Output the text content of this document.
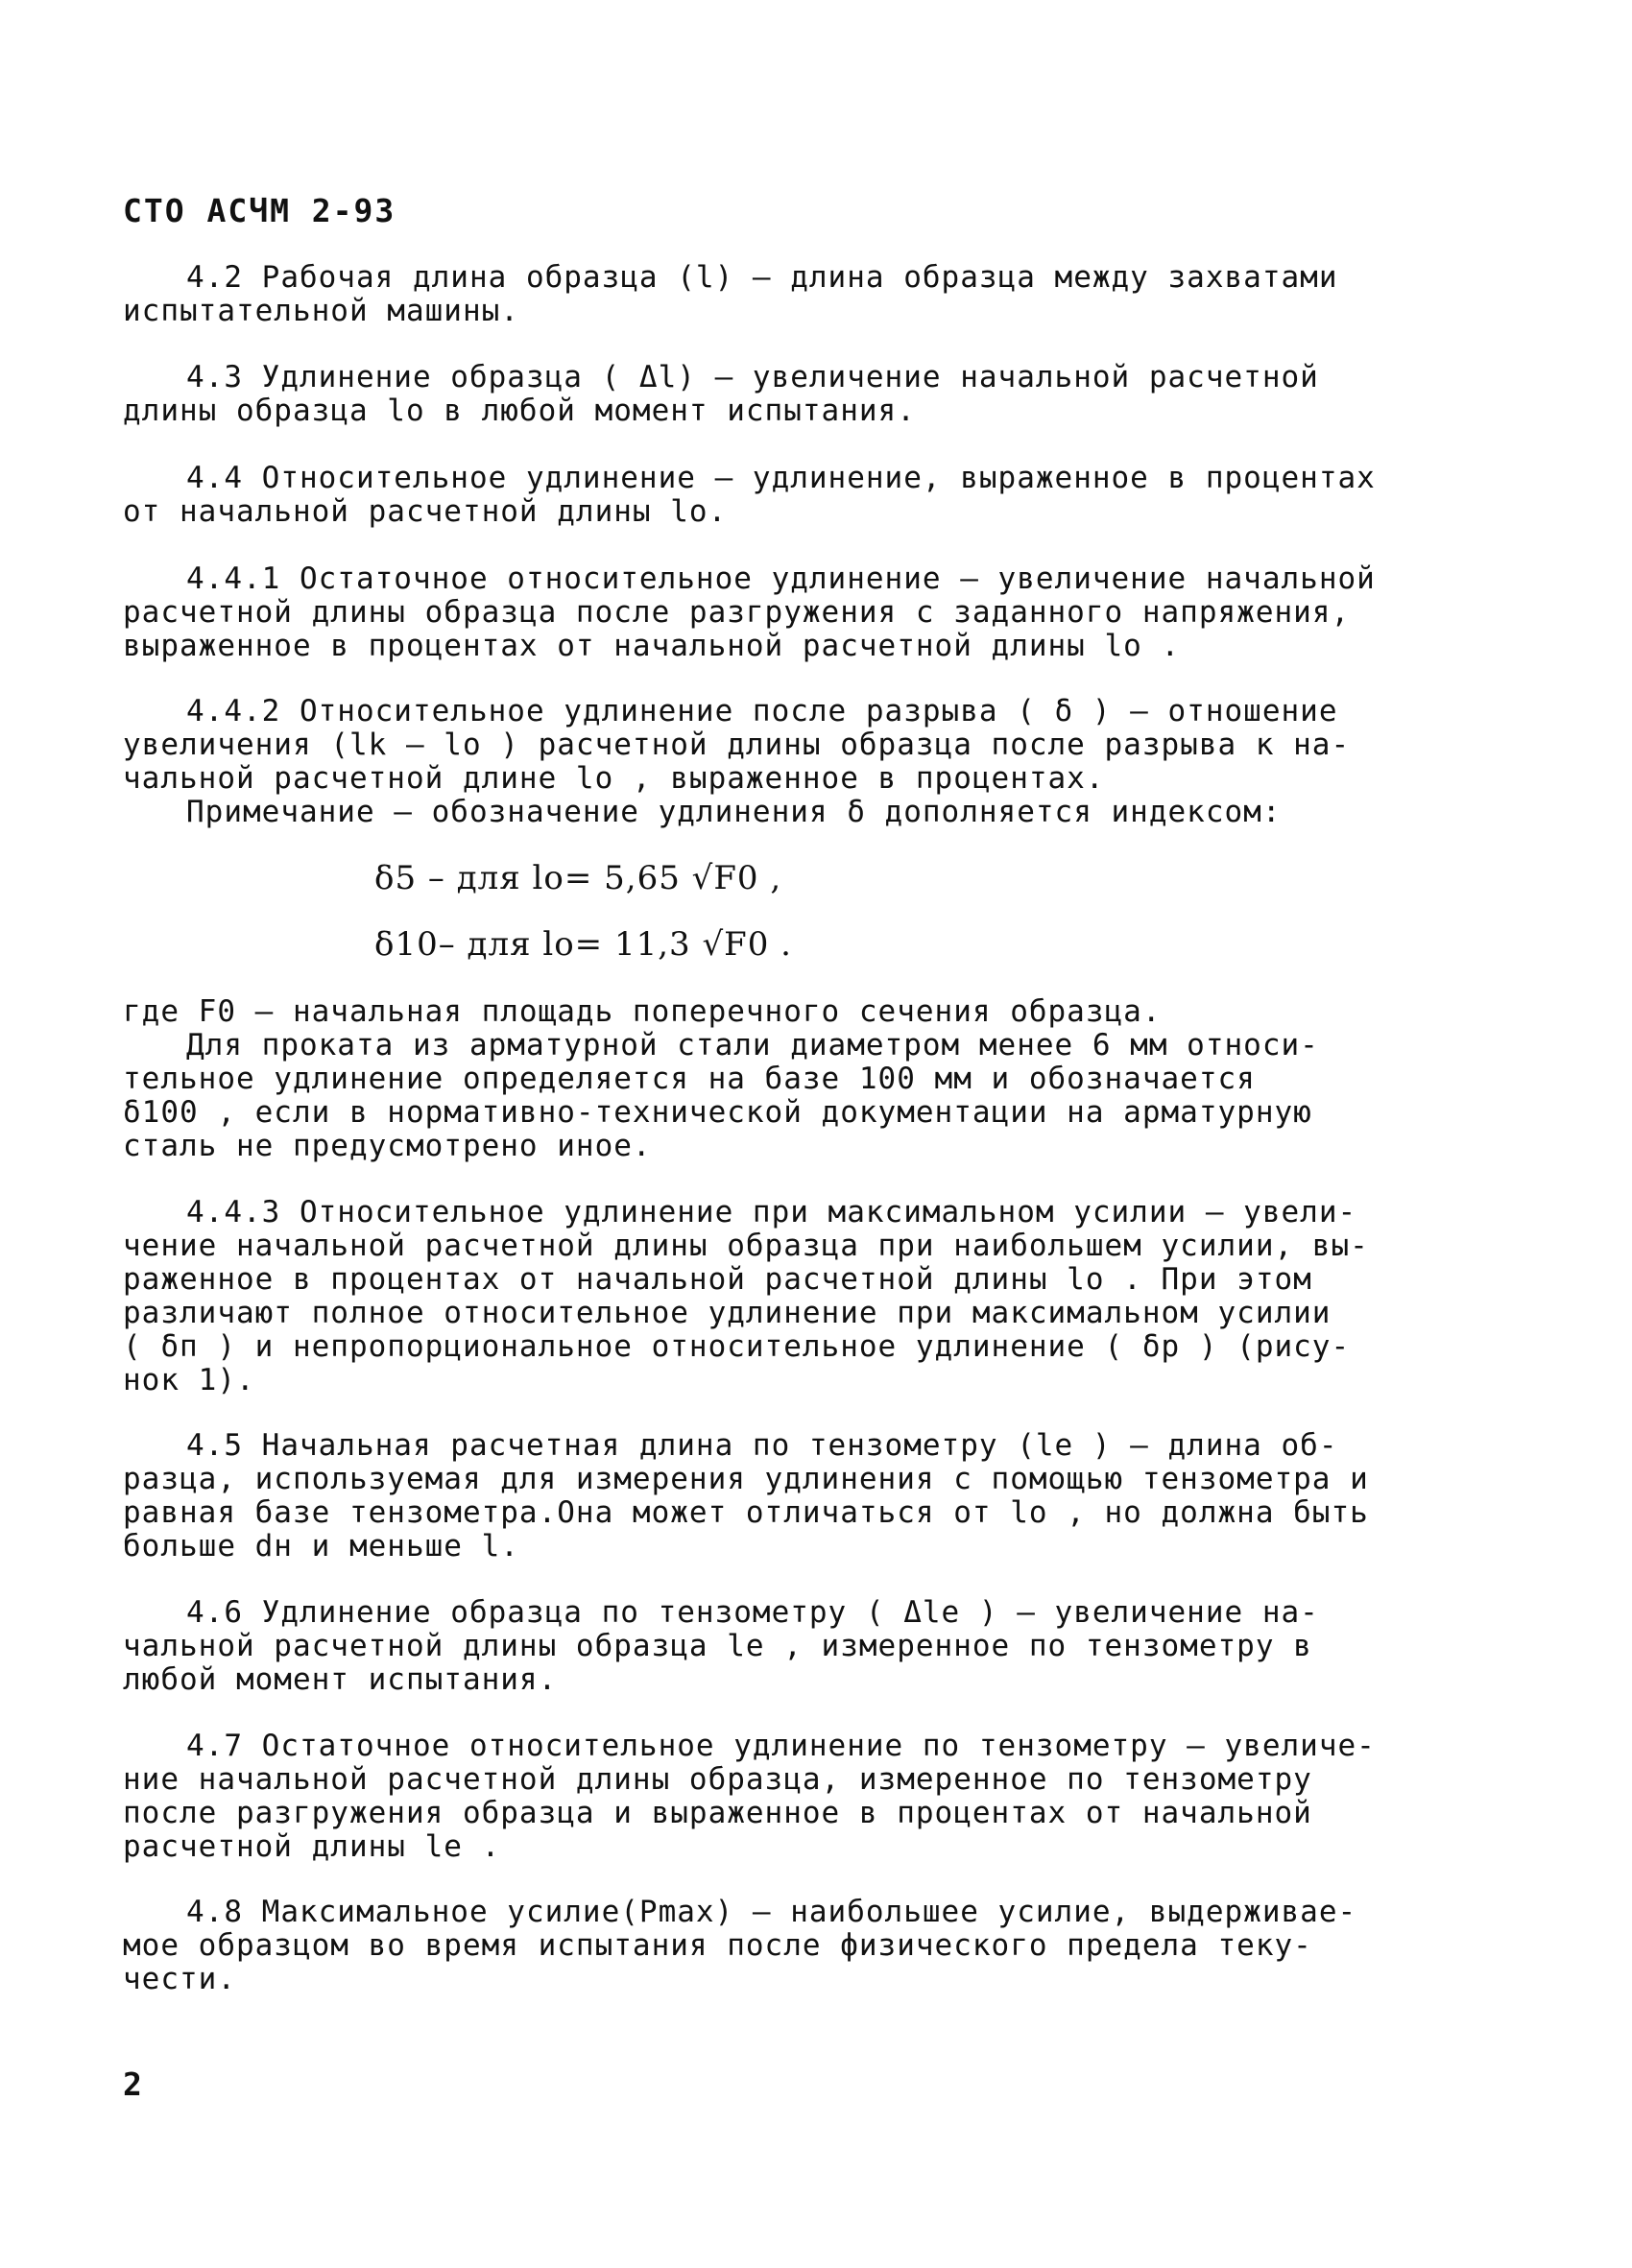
СТО АСЧМ 2-93
4.2 Рабочая длина образца (l) – длина образца между захватами
испытательной машины.
4.3 Удлинение образца ( Δl) – увеличение начальной расчетной
длины образца lo в любой момент испытания.
4.4 Относительное удлинение – удлинение, выраженное в процентах
от начальной расчетной длины lo.
4.4.1 Остаточное относительное удлинение – увеличение начальной
расчетной длины образца после разгружения с заданного напряжения,
выраженное в процентах от начальной расчетной длины lo .
4.4.2 Относительное удлинение после разрыва ( δ ) – отношение
увеличения (lk – lo ) расчетной длины образца после разрыва к на-
чальной расчетной длине lo , выраженное в процентах.
Примечание – обозначение удлинения δ дополняется индексом:
δ5 – для lo= 5,65 √F0 ,
δ10– для lo= 11,3 √F0 .
где F0 – начальная площадь поперечного сечения образца.
Для проката из арматурной стали диаметром менее 6 мм относи-
тельное удлинение определяется на базе 100 мм и обозначается
δ100 , если в нормативно-технической документации на арматурную
сталь не предусмотрено иное.
4.4.3 Относительное удлинение при максимальном усилии – увели-
чение начальной расчетной длины образца при наибольшем усилии, вы-
раженное в процентах от начальной расчетной длины lo . При этом
различают полное относительное удлинение при максимальном усилии
( δп ) и непропорциональное относительное удлинение ( δр ) (рису-
нок 1).
4.5 Начальная расчетная длина по тензометру (le ) – длина об-
разца, используемая для измерения удлинения с помощью тензометра и
равная базе тензометра.Она может отличаться от lo , но должна быть
больше dн и меньше l.
4.6 Удлинение образца по тензометру ( Δle ) – увеличение на-
чальной расчетной длины образца le , измеренное по тензометру в
любой момент испытания.
4.7 Остаточное относительное удлинение по тензометру – увеличе-
ние начальной расчетной длины образца, измеренное по тензометру
после разгружения образца и выраженное в процентах от начальной
расчетной длины le .
4.8 Максимальное усилие(Pmax) – наибольшее усилие, выдерживае-
мое образцом во время испытания после физического предела теку-
чести.
2
